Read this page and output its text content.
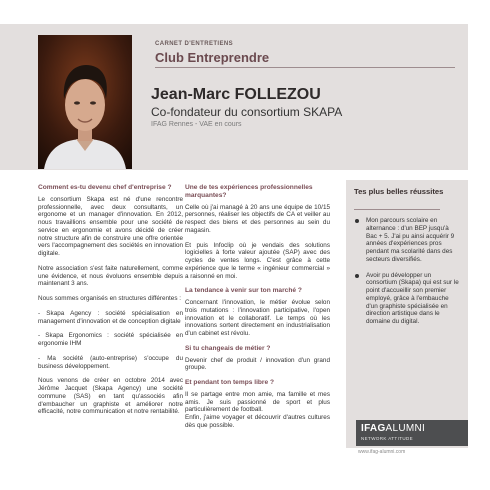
CARNET D'ENTRETIENS
Club Entreprendre
Jean-Marc FOLLEZOU
Co-fondateur du consortium SKAPA
IFAG Rennes - VAE en cours
Comment es-tu devenu chef d'entreprise ?
Le consortium Skapa est né d'une rencontre professionnelle, avec deux consultants, un ergonome et un manager d'innovation. En 2012, nous travaillions ensemble pour une société de service en ergonomie et avons décidé de créer notre structure afin de construire une offre orientée vers l'accompagnement des sociétés en innovation digitale.
Notre association s'est faite naturellement, comme une évidence, et nous évoluons ensemble depuis maintenant 3 ans.
Nous sommes organisés en structures différentes :
- Skapa Agency : société spécialisation en management d'innovation et de conception digitale
- Skapa Ergonomics : société spécialisée en ergonomie IHM
- Ma société (auto-entreprise) s'occupe du business développement.
Nous venons de créer en octobre 2014 avec Jérôme Jacquet (Skapa Agency) une société commune (SAS) en tant qu'associés afin d'embaucher un graphiste et améliorer notre efficacité, notre communication et notre rentabilité.
Une de tes expériences professionnelles marquantes?
Celle où j'ai managé à 20 ans une équipe de 10/15 personnes, réaliser les objectifs de CA et veiller au respect des biens et des personnes au sein du magasin.
Et puis Infoclip où je vendais des solutions logicielles à forte valeur ajoutée (SAP) avec des cycles de ventes longs. C'est grâce à cette expérience que le terme « ingénieur commercial » a raisonné en moi.
La tendance à venir sur ton marché ?
Concernant l'innovation, le métier évolue selon trois mutations : l'innovation participative, l'open innovation et le collaboratif. Le temps où les innovations sortent directement en industrialisation d'un cabinet est révolu.
Si tu changeais de métier ?
Devenir chef de produit / innovation d'un grand groupe.
Et pendant ton temps libre ?
Il se partage entre mon amie, ma famille et mes amis. Je suis passionné de sport et plus particulièrement de football.
Enfin, j'aime voyager et découvrir d'autres cultures dès que possible.
Tes plus belles réussites
Mon parcours scolaire en alternance : d'un BEP jusqu'à Bac + 5. J'ai pu ainsi acquérir 9 années d'expériences pros pendant ma scolarité dans des secteurs diversifiés.
Avoir pu développer un consortium (Skapa) qui est sur le point d'accueillir son premier employé, grâce à l'embauche d'un graphiste spécialisée en direction artistique dans le domaine du digital.
IFAGALUMNI
NETWORK ATTITUDE
www.ifag-alumni.com
